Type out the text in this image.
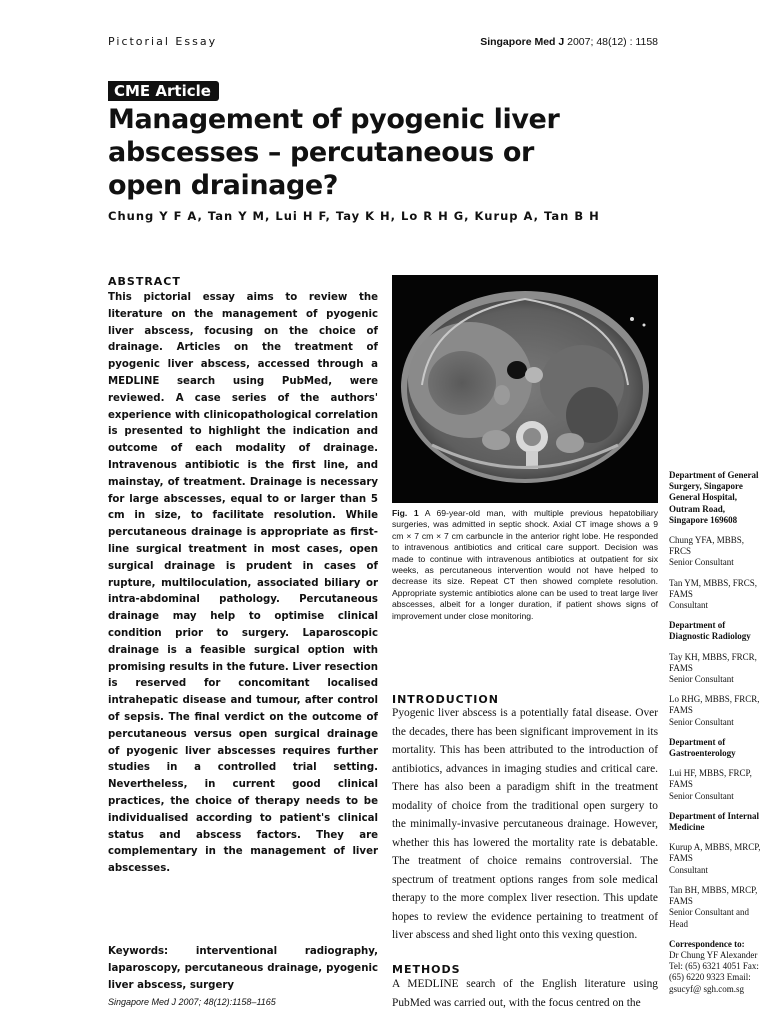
Pictorial Essay	Singapore Med J 2007; 48(12) : 1158
CME Article
Management of pyogenic liver abscesses – percutaneous or open drainage?
Chung Y F A, Tan Y M, Lui H F, Tay K H, Lo R H G, Kurup A, Tan B H
ABSTRACT

This pictorial essay aims to review the literature on the management of pyogenic liver abscess, focusing on the choice of drainage. Articles on the treatment of pyogenic liver abscess, accessed through a MEDLINE search using PubMed, were reviewed. A case series of the authors' experience with clinicopathological correlation is presented to highlight the indication and outcome of each modality of drainage. Intravenous antibiotic is the first line, and mainstay, of treatment. Drainage is necessary for large abscesses, equal to or larger than 5 cm in size, to facilitate resolution. While percutaneous drainage is appropriate as first-line surgical treatment in most cases, open surgical drainage is prudent in cases of rupture, multiloculation, associated biliary or intra-abdominal pathology. Percutaneous drainage may help to optimise clinical condition prior to surgery. Laparoscopic drainage is a feasible surgical option with promising results in the future. Liver resection is reserved for concomitant localised intrahepatic disease and tumour, after control of sepsis. The final verdict on the outcome of percutaneous versus open surgical drainage of pyogenic liver abscesses requires further studies in a controlled trial setting. Nevertheless, in current good clinical practices, the choice of therapy needs to be individualised according to patient's clinical status and abscess factors. They are complementary in the management of liver abscesses.

Keywords: interventional radiography, laparoscopy, percutaneous drainage, pyogenic liver abscess, surgery

Singapore Med J 2007; 48(12):1158–1165

Fig. 1 A 69-year-old man, with multiple previous hepatobiliary surgeries, was admitted in septic shock. Axial CT image shows a 9 cm × 7 cm × 7 cm carbuncle in the anterior right lobe. He responded to intravenous antibiotics and critical care support. Decision was made to continue with intravenous antibiotics at outpatient for six weeks, as percutaneous intervention would not have helped to decrease its size. Repeat CT then showed complete resolution. Appropriate systemic antibiotics alone can be used to treat large liver abscesses, albeit for a longer duration, if patient shows signs of improvement under close monitoring.

INTRODUCTION

Pyogenic liver abscess is a potentially fatal disease. Over the decades, there has been significant improvement in its mortality. This has been attributed to the introduction of antibiotics, advances in imaging studies and critical care. There has also been a paradigm shift in the treatment modality of choice from the traditional open surgery to the minimally-invasive percutaneous drainage. However, whether this has lowered the mortality rate is debatable. The treatment of choice remains controversial. The spectrum of treatment options ranges from sole medical therapy to the more complex liver resection. This update hopes to review the evidence pertaining to treatment of liver abscess and shed light onto this vexing question.

METHODS

A MEDLINE search of the English literature using PubMed was carried out, with the focus centred on the

Department of General Surgery, Singapore General Hospital, Outram Road, Singapore 169608
Chung YFA, MBBS, FRCS
Senior Consultant
Tan YM, MBBS, FRCS, FAMS
Consultant
Department of Diagnostic Radiology
Tay KH, MBBS, FRCR, FAMS
Senior Consultant
Lo RHG, MBBS, FRCR, FAMS
Senior Consultant
Department of Gastroenterology
Lui HF, MBBS, FRCP, FAMS
Senior Consultant
Department of Internal Medicine
Kurup A, MBBS, MRCP, FAMS
Consultant
Tan BH, MBBS, MRCP, FAMS
Senior Consultant and Head
Correspondence to:
Dr Chung YF Alexander Tel: (65) 6321 4051 Fax: (65) 6220 9323 Email: gsucyf@ sgh.com.sg
